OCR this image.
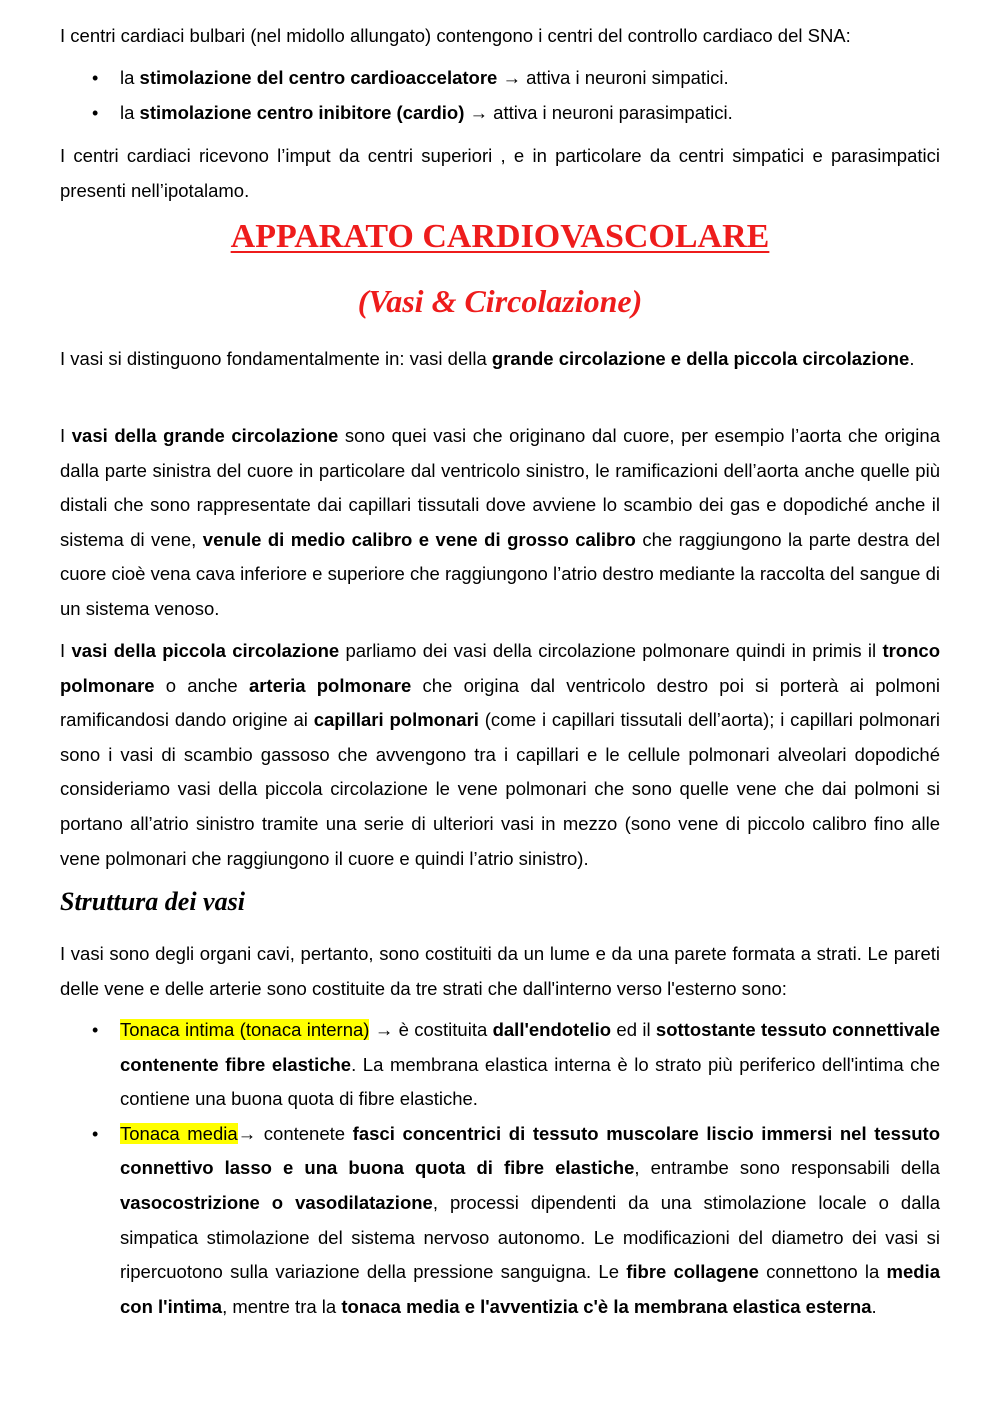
I centri cardiaci bulbari (nel midollo allungato) contengono i centri del controllo cardiaco del SNA:

• la stimolazione del centro cardioaccelatore → attiva i neuroni simpatici.
• la stimolazione centro inibitore (cardio) → attiva i neuroni parasimpatici.

I centri cardiaci ricevono l’imput da centri superiori , e in particolare da centri simpatici e parasimpatici presenti nell’ipotalamo.

APPARATO CARDIOVASCOLARE
(Vasi & Circolazione)

I vasi si distinguono fondamentalmente in: vasi della grande circolazione e della piccola circolazione.

I vasi della grande circolazione sono quei vasi che originano dal cuore, per esempio l’aorta che origina dalla parte sinistra del cuore in particolare dal ventricolo sinistro, le ramificazioni dell’aorta anche quelle più distali che sono rappresentate dai capillari tissutali dove avviene lo scambio dei gas e dopodiché anche il sistema di vene, venule di medio calibro e vene di grosso calibro che raggiungono la parte destra del cuore cioè vena cava inferiore e superiore che raggiungono l’atrio destro mediante la raccolta del sangue di un sistema venoso.

I vasi della piccola circolazione parliamo dei vasi della circolazione polmonare quindi in primis il tronco polmonare o anche arteria polmonare che origina dal ventricolo destro poi si porterà ai polmoni ramificandosi dando origine ai capillari polmonari (come i capillari tissutali dell’aorta); i capillari polmonari sono i vasi di scambio gassoso che avvengono tra i capillari e le cellule polmonari alveolari dopodiché consideriamo vasi della piccola circolazione le vene polmonari che sono quelle vene che dai polmoni si portano all’atrio sinistro tramite una serie di ulteriori vasi in mezzo (sono vene di piccolo calibro fino alle vene polmonari che raggiungono il cuore e quindi l’atrio sinistro).

Struttura dei vasi

I vasi sono degli organi cavi, pertanto, sono costituiti da un lume e da una parete formata a strati. Le pareti delle vene e delle arterie sono costituite da tre strati che dall'interno verso l'esterno sono:

• Tonaca intima (tonaca interna) → è costituita dall'endotelio ed il sottostante tessuto connettivale contenente fibre elastiche. La membrana elastica interna è lo strato più periferico dell'intima che contiene una buona quota di fibre elastiche.
• Tonaca media→ contenete fasci concentrici di tessuto muscolare liscio immersi nel tessuto connettivo lasso e una buona quota di fibre elastiche, entrambe sono responsabili della vasocostrizione o vasodilatazione, processi dipendenti da una stimolazione locale o dalla simpatica stimolazione del sistema nervoso autonomo. Le modificazioni del diametro dei vasi si ripercuotono sulla variazione della pressione sanguigna. Le fibre collagene connettono la media con l'intima, mentre tra la tonaca media e l'avventizia c'è la membrana elastica esterna.
